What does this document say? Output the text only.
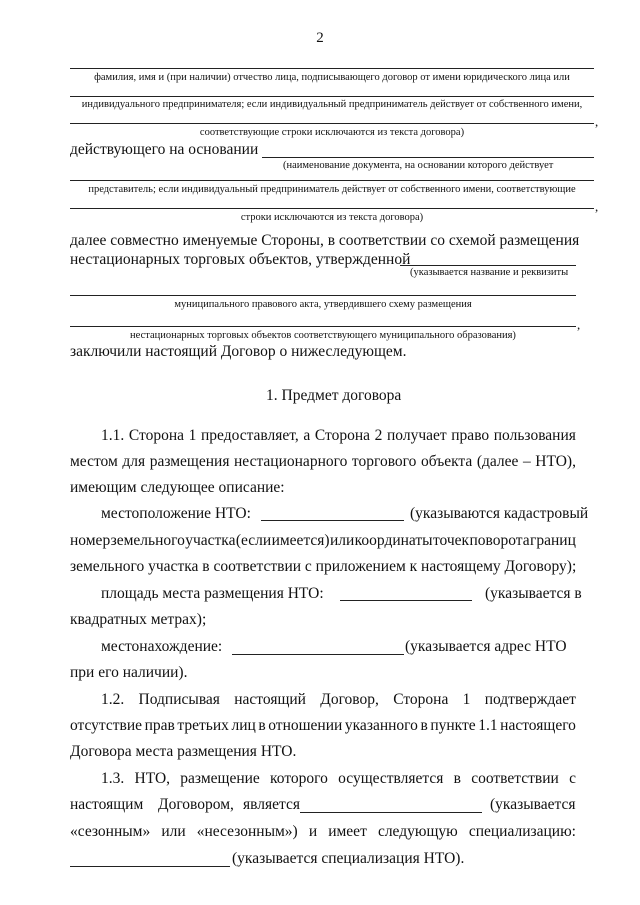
2
фамилия, имя и (при наличии) отчество лица, подписывающего договор от имени юридического лица или
индивидуального предпринимателя; если индивидуальный предприниматель действует от собственного имени,
,
соответствующие строки исключаются из текста договора)
действующего на основании
(наименование документа, на основании которого действует
представитель; если индивидуальный предприниматель действует от собственного имени, соответствующие
,
строки исключаются из текста договора)
далее совместно именуемые Стороны, в соответствии со схемой размещения
нестационарных торговых объектов, утвержденной
(указывается название и реквизиты
муниципального правового акта, утвердившего схему размещения
,
нестационарных торговых объектов соответствующего муниципального образования)
заключили настоящий Договор о нижеследующем.
1. Предмет договора
1.1. Сторона 1 предоставляет, а Сторона 2 получает право пользования
местом для размещения нестационарного торгового объекта (далее – НТО),
имеющим следующее описание:
местоположение НТО:	(указываются кадастровый
номер земельного участка (если имеется) или координаты точек поворота границ
земельного участка в соответствии с приложением к настоящему Договору);
площадь места размещения НТО:	(указывается в
квадратных метрах);
местонахождение:	(указывается адрес НТО
при его наличии).
1.2. Подписывая настоящий Договор, Сторона 1 подтверждает
отсутствие прав третьих лиц в отношении указанного в пункте 1.1 настоящего
Договора места размещения НТО.
1.3. НТО, размещение которого осуществляется в соответствии с
настоящим Договором, является	(указывается
«сезонным» или «несезонным») и имеет следующую специализацию:
(указывается специализация НТО).
